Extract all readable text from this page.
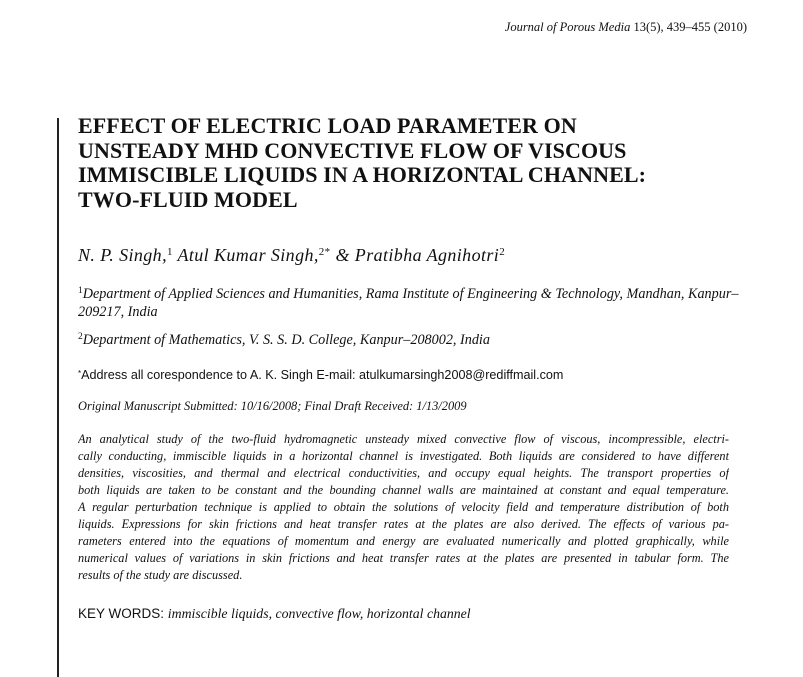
Journal of Porous Media 13(5), 439–455 (2010)
EFFECT OF ELECTRIC LOAD PARAMETER ON
UNSTEADY MHD CONVECTIVE FLOW OF VISCOUS
IMMISCIBLE LIQUIDS IN A HORIZONTAL CHANNEL:
TWO-FLUID MODEL
N. P. Singh,$^1$ Atul Kumar Singh,$^{2*}$ & Pratibha Agnihotri$^2$
$^1$Department of Applied Sciences and Humanities, Rama Institute of Engineering & Technology, Mandhan, Kanpur–209217, India
$^2$Department of Mathematics, V. S. S. D. College, Kanpur–208002, India
*Address all corespondence to A. K. Singh E-mail: atulkumarsingh2008@rediffmail.com
Original Manuscript Submitted: 10/16/2008; Final Draft Received: 1/13/2009
An analytical study of the two-fluid hydromagnetic unsteady mixed convective flow of viscous, incompressible, electri-
cally conducting, immiscible liquids in a horizontal channel is investigated. Both liquids are considered to have different
densities, viscosities, and thermal and electrical conductivities, and occupy equal heights. The transport properties of
both liquids are taken to be constant and the bounding channel walls are maintained at constant and equal temperature.
A regular perturbation technique is applied to obtain the solutions of velocity field and temperature distribution of both
liquids. Expressions for skin frictions and heat transfer rates at the plates are also derived. The effects of various pa-
rameters entered into the equations of momentum and energy are evaluated numerically and plotted graphically, while
numerical values of variations in skin frictions and heat transfer rates at the plates are presented in tabular form. The
results of the study are discussed.
KEY WORDS: immiscible liquids, convective flow, horizontal channel
